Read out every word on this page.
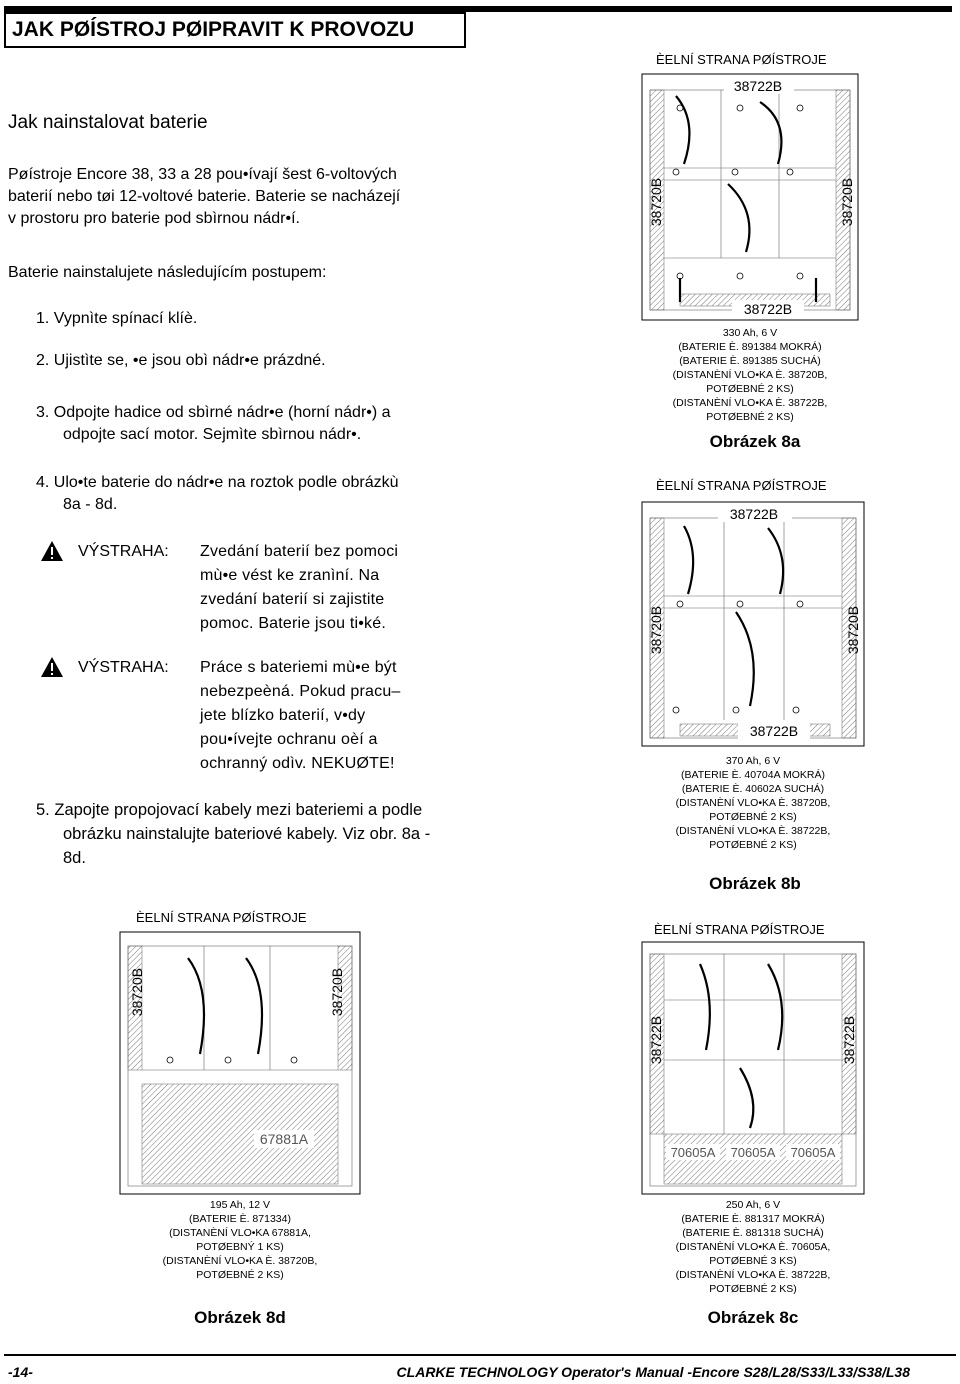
JAK PØÍSTROJ PØIPRAVIT K PROVOZU
Jak nainstalovat baterie
Pøístroje Encore 38, 33 a 28 pou•ívají šest 6-voltových
baterií nebo tøi 12-voltové baterie. Baterie se nacházejí
v prostoru pro baterie pod sbìrnou nádr•í.
Baterie nainstalujete následujícím postupem:
1. Vypnìte spínací klíè.
2. Ujistìte se, •e jsou obì nádr•e prázdné.
3. Odpojte hadice od sbìrné nádr•e (horní nádr•) a
odpojte sací motor. Sejmìte sbìrnou nádr•.
4. Ulo•te baterie do nádr•e na roztok podle obrázkù
8a - 8d.
VÝSTRAHA: Zvedání baterií bez pomoci
mù•e vést ke zranìní. Na
zvedání baterií si zajistite
pomoc. Baterie jsou ti•ké.
VÝSTRAHA: Práce s bateriemi mù•e být
nebezpeèná. Pokud pracu–
jete blízko baterií, v•dy
pou•ívejte ochranu oèí a
ochranný odìv. NEKUØTE!
5. Zapojte propojovací kabely mezi bateriemi a podle
obrázku nainstalujte bateriové kabely. Viz obr. 8a -
8d.
ÈELNÍ STRANA PØÍSTROJE
38722B
38722B
38720B	38720B
330 Ah, 6 V
(BATERIE È. 891384 MOKRÁ)
(BATERIE È. 891385 SUCHÁ)
(DISTANÈNÍ VLO•KA È. 38720B,
POTØEBNÉ 2 KS)
(DISTANÈNÍ VLO•KA È. 38722B,
POTØEBNÉ 2 KS)
Obrázek 8a
ÈELNÍ STRANA PØÍSTROJE
38722B
38722B
38720B	38720B
370 Ah, 6 V
(BATERIE È. 40704A MOKRÁ)
(BATERIE È. 40602A SUCHÁ)
(DISTANÈNÍ VLO•KA È. 38720B,
POTØEBNÉ 2 KS)
(DISTANÈNÍ VLO•KA È. 38722B,
POTØEBNÉ 2 KS)
Obrázek 8b
ÈELNÍ STRANA PØÍSTROJE
67881A
38720B	38720B
195 Ah, 12 V
(BATERIE È. 871334)
(DISTANÈNÍ VLO•KA 67881A,
POTØEBNÝ 1 KS)
(DISTANÈNÍ VLO•KA È. 38720B,
POTØEBNÉ 2 KS)
Obrázek 8d
ÈELNÍ STRANA PØÍSTROJE
70605A 70605A 70605A
38722B	38722B
250 Ah, 6 V
(BATERIE È. 881317 MOKRÁ)
(BATERIE È. 881318 SUCHÁ)
(DISTANÈNÍ VLO•KA È. 70605A,
POTØEBNÉ 3 KS)
(DISTANÈNÍ VLO•KA È. 38722B,
POTØEBNÉ 2 KS)
Obrázek 8c
-14-	CLARKE TECHNOLOGY Operator's Manual -Encore S28/L28/S33/L33/S38/L38
